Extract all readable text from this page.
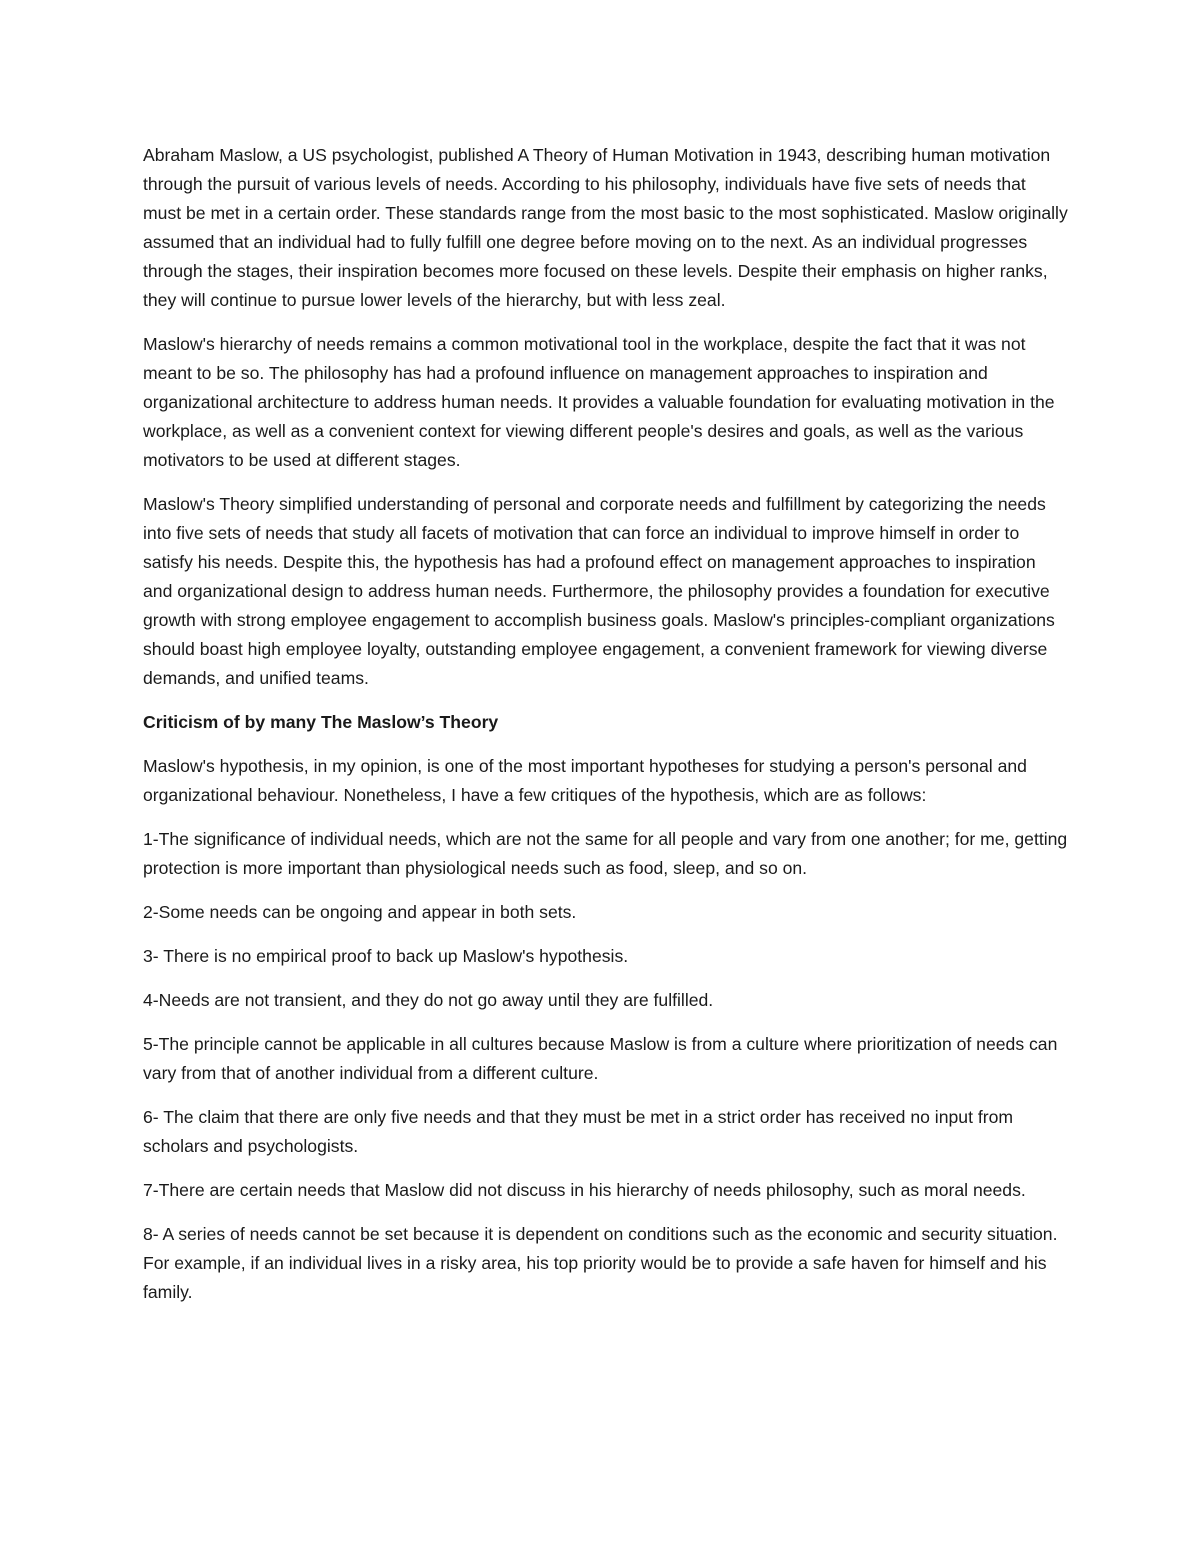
Abraham Maslow, a US psychologist, published A Theory of Human Motivation in 1943, describing human motivation through the pursuit of various levels of needs. According to his philosophy, individuals have five sets of needs that must be met in a certain order. These standards range from the most basic to the most sophisticated. Maslow originally assumed that an individual had to fully fulfill one degree before moving on to the next. As an individual progresses through the stages, their inspiration becomes more focused on these levels. Despite their emphasis on higher ranks, they will continue to pursue lower levels of the hierarchy, but with less zeal.

Maslow's hierarchy of needs remains a common motivational tool in the workplace, despite the fact that it was not meant to be so. The philosophy has had a profound influence on management approaches to inspiration and organizational architecture to address human needs. It provides a valuable foundation for evaluating motivation in the workplace, as well as a convenient context for viewing different people's desires and goals, as well as the various motivators to be used at different stages.

Maslow's Theory simplified understanding of personal and corporate needs and fulfillment by categorizing the needs into five sets of needs that study all facets of motivation that can force an individual to improve himself in order to satisfy his needs. Despite this, the hypothesis has had a profound effect on management approaches to inspiration and organizational design to address human needs. Furthermore, the philosophy provides a foundation for executive growth with strong employee engagement to accomplish business goals. Maslow's principles-compliant organizations should boast high employee loyalty, outstanding employee engagement, a convenient framework for viewing diverse demands, and unified teams.

Criticism of by many The Maslow’s Theory

Maslow's hypothesis, in my opinion, is one of the most important hypotheses for studying a person's personal and organizational behaviour. Nonetheless, I have a few critiques of the hypothesis, which are as follows:

1-The significance of individual needs, which are not the same for all people and vary from one another; for me, getting protection is more important than physiological needs such as food, sleep, and so on.

2-Some needs can be ongoing and appear in both sets.

3- There is no empirical proof to back up Maslow's hypothesis.

4-Needs are not transient, and they do not go away until they are fulfilled.

5-The principle cannot be applicable in all cultures because Maslow is from a culture where prioritization of needs can vary from that of another individual from a different culture.

6- The claim that there are only five needs and that they must be met in a strict order has received no input from scholars and psychologists.

7-There are certain needs that Maslow did not discuss in his hierarchy of needs philosophy, such as moral needs.

8- A series of needs cannot be set because it is dependent on conditions such as the economic and security situation. For example, if an individual lives in a risky area, his top priority would be to provide a safe haven for himself and his family.
